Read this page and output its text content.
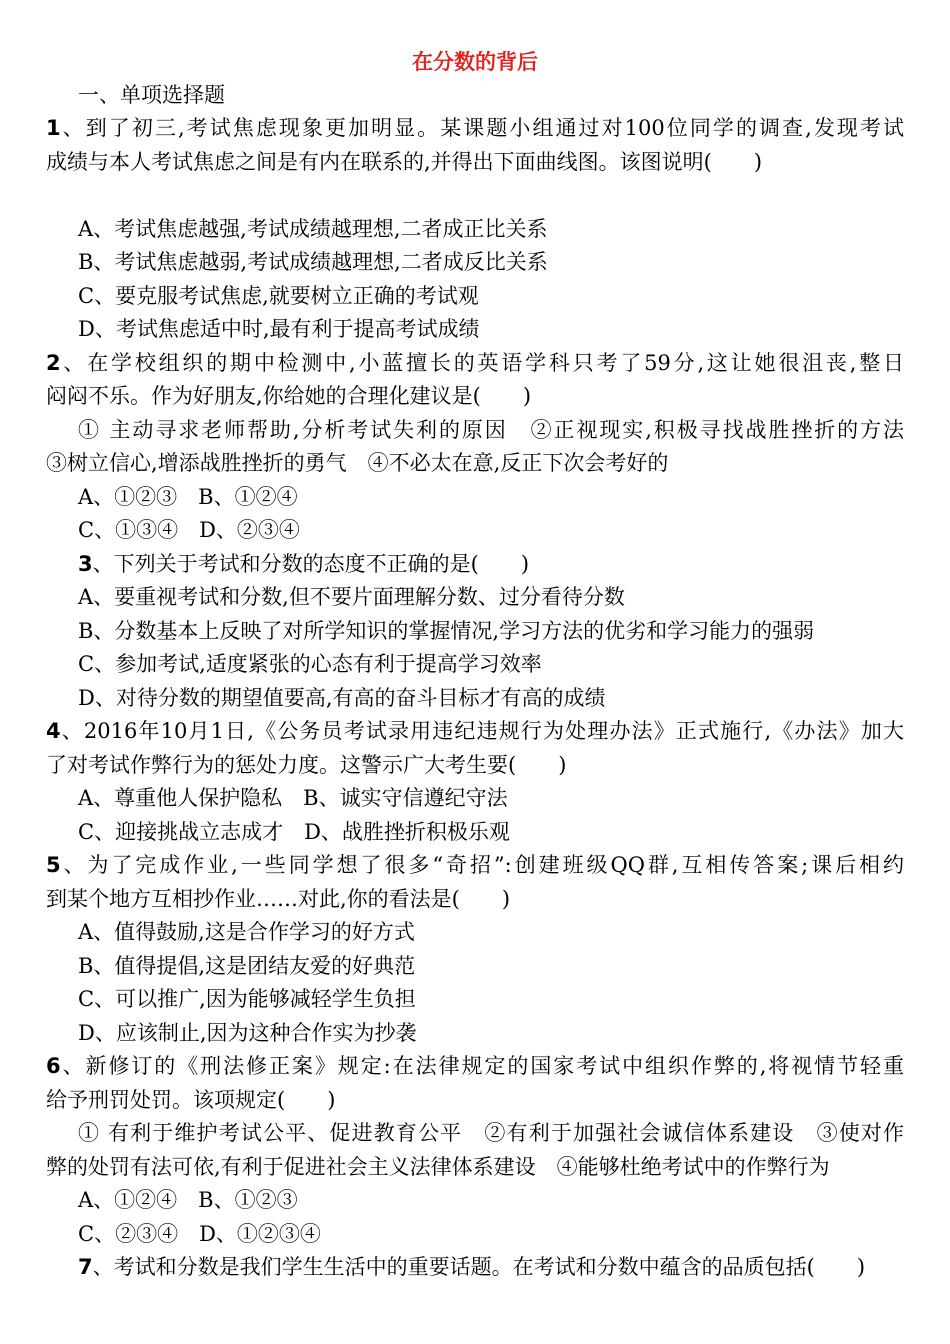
在分数的背后
一、单项选择题
1、到了初三,考试焦虑现象更加明显。某课题小组通过对100位同学的调查,发现考试
成绩与本人考试焦虑之间是有内在联系的,并得出下面曲线图。该图说明(　　)
A、考试焦虑越强,考试成绩越理想,二者成正比关系
B、考试焦虑越弱,考试成绩越理想,二者成反比关系
C、要克服考试焦虑,就要树立正确的考试观
D、考试焦虑适中时,最有利于提高考试成绩
2、在学校组织的期中检测中,小蓝擅长的英语学科只考了59分,这让她很沮丧,整日
闷闷不乐。作为好朋友,你给她的合理化建议是(　　)
① 主动寻求老师帮助,分析考试失利的原因　②正视现实,积极寻找战胜挫折的方法
③树立信心,增添战胜挫折的勇气　④不必太在意,反正下次会考好的
A、①②③　B、①②④
C、①③④　D、②③④
3、下列关于考试和分数的态度不正确的是(　　)
A、要重视考试和分数,但不要片面理解分数、过分看待分数
B、分数基本上反映了对所学知识的掌握情况,学习方法的优劣和学习能力的强弱
C、参加考试,适度紧张的心态有利于提高学习效率
D、对待分数的期望值要高,有高的奋斗目标才有高的成绩
4、2016年10月1日,《公务员考试录用违纪违规行为处理办法》正式施行,《办法》加大
了对考试作弊行为的惩处力度。这警示广大考生要(　　)
A、尊重他人保护隐私　B、诚实守信遵纪守法
C、迎接挑战立志成才　D、战胜挫折积极乐观
5、为了完成作业,一些同学想了很多“奇招”:创建班级QQ群,互相传答案;课后相约
到某个地方互相抄作业……对此,你的看法是(　　)
A、值得鼓励,这是合作学习的好方式
B、值得提倡,这是团结友爱的好典范
C、可以推广,因为能够减轻学生负担
D、应该制止,因为这种合作实为抄袭
6、新修订的《刑法修正案》规定:在法律规定的国家考试中组织作弊的,将视情节轻重
给予刑罚处罚。该项规定(　　)
① 有利于维护考试公平、促进教育公平　②有利于加强社会诚信体系建设　③使对作
弊的处罚有法可依,有利于促进社会主义法律体系建设　④能够杜绝考试中的作弊行为
A、①②④　B、①②③
C、②③④　D、①②③④
7、考试和分数是我们学生生活中的重要话题。在考试和分数中蕴含的品质包括(　　)
